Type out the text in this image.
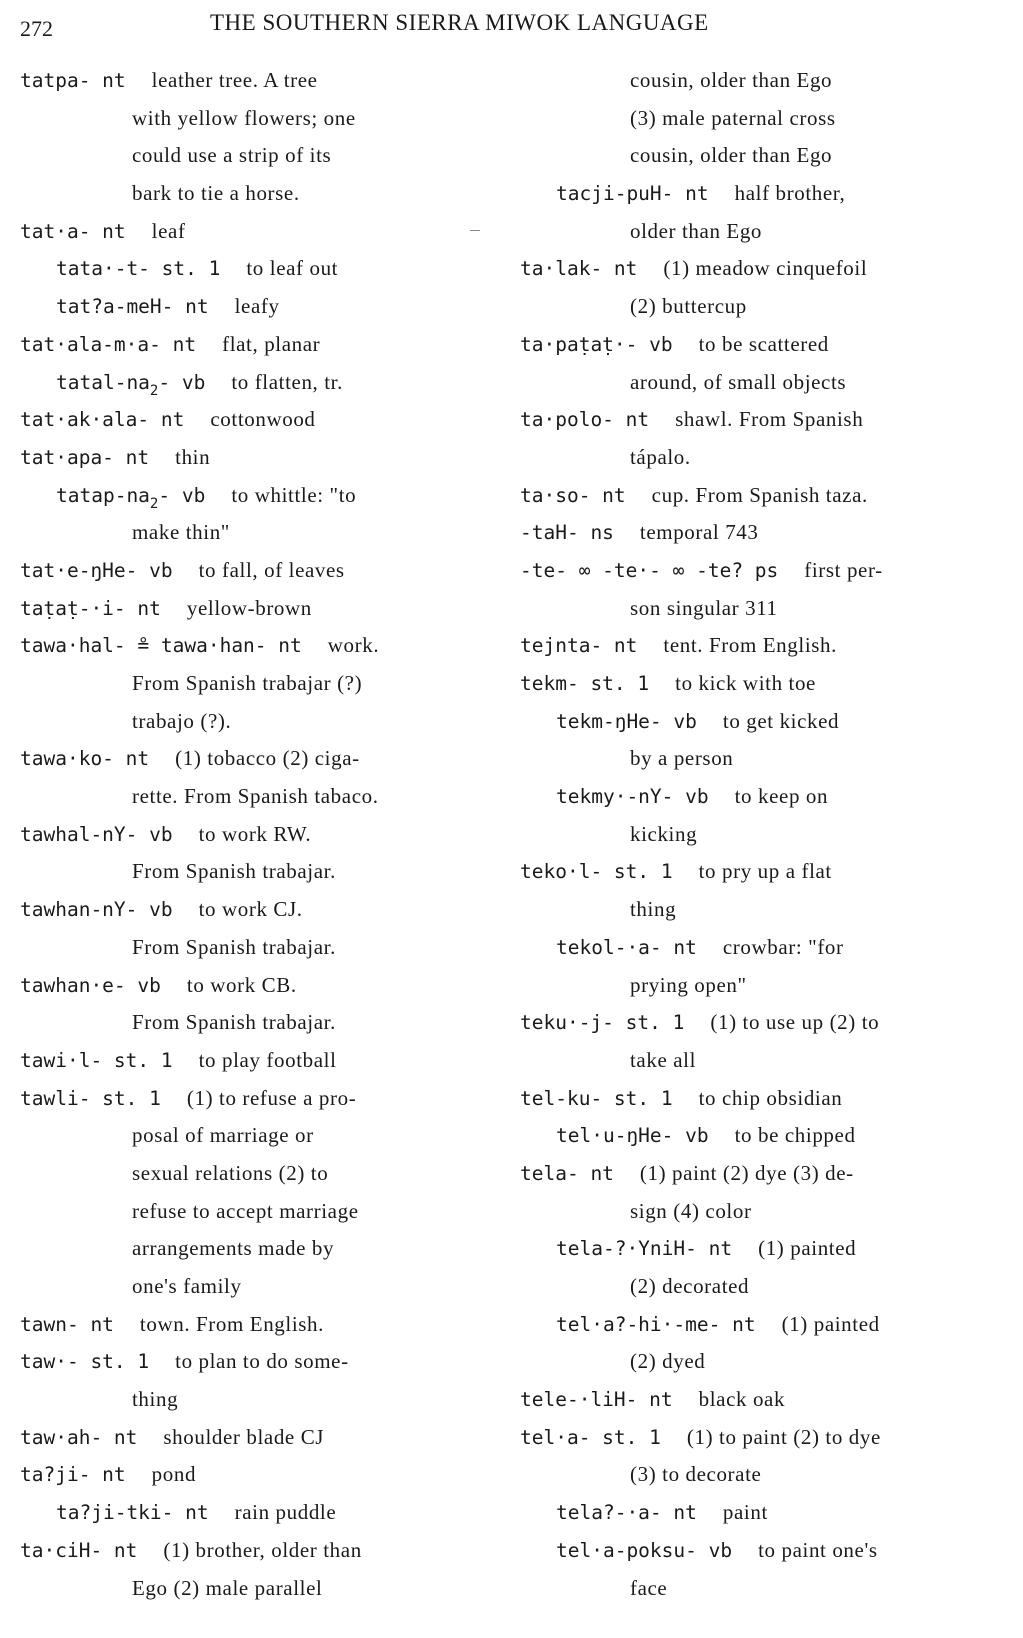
272	THE SOUTHERN SIERRA MIWOK LANGUAGE
tatpa- nt leather tree. A tree
with yellow flowers; one
could use a strip of its
bark to tie a horse.
tat·a- nt leaf
tata·-t- st. 1 to leaf out
tat?a-meH- nt leafy
tat·ala-m·a- nt flat, planar
tatal-$na_2-$ vb to flatten, tr.
tat·ak·ala- nt cottonwood
tat·apa- nt thin
tatap-$na_2-$ vb to whittle: "to
make thin"
tat·e-ŋHe- vb to fall, of leaves
taṭaṭ-·i- nt yellow-brown
tawa·hal- ≗ tawa·han- nt work.
From Spanish trabajar (?)
trabajo (?).
tawa·ko- nt (1) tobacco (2) ciga-
rette. From Spanish tabaco.
tawhal-nY- vb to work RW.
From Spanish trabajar.
tawhan-nY- vb to work CJ.
From Spanish trabajar.
tawhan·e- vb to work CB.
From Spanish trabajar.
tawi·l- st. 1 to play football
tawli- st. 1 (1) to refuse a pro-
posal of marriage or
sexual relations (2) to
refuse to accept marriage
arrangements made by
one's family
tawn- nt town. From English.
taw·- st. 1 to plan to do some-
thing
taw·ah- nt shoulder blade CJ
ta?ji- nt pond
ta?ji-tki- nt rain puddle
ta·ciH- nt (1) brother, older than
Ego (2) male parallel
cousin, older than Ego
(3) male paternal cross
cousin, older than Ego
tacji-puH- nt half brother,
older than Ego
ta·lak- nt (1) meadow cinquefoil
(2) buttercup
ta·paṭaṭ·- vb to be scattered
around, of small objects
ta·polo- nt shawl. From Spanish
tápalo.
ta·so- nt cup. From Spanish taza.
-taH- ns temporal 743
-te- ∞ -te·- ∞ -te? ps first per-
son singular 311
tejnta- nt tent. From English.
tekm- st. 1 to kick with toe
tekm-ŋHe- vb to get kicked
by a person
tekmy·-nY- vb to keep on
kicking
teko·l- st. 1 to pry up a flat
thing
tekol-·a- nt crowbar: "for
prying open"
teku·-j- st. 1 (1) to use up (2) to
take all
tel-ku- st. 1 to chip obsidian
tel·u-ŋHe- vb to be chipped
tela- nt (1) paint (2) dye (3) de-
sign (4) color
tela-?·YniH- nt (1) painted
(2) decorated
tel·a?-hi·-me- nt (1) painted
(2) dyed
tele-·liH- nt black oak
tel·a- st. 1 (1) to paint (2) to dye
(3) to decorate
tela?-·a- nt paint
tel·a-poksu- vb to paint one's
face
